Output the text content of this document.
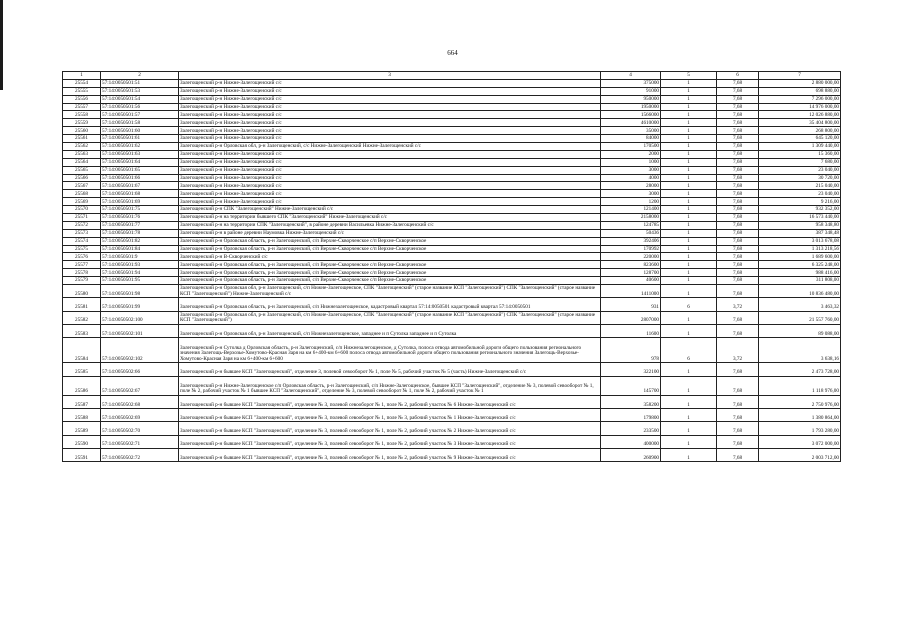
664
1	2	3	4	5	6	7
25554	57:14:0050501:51	Залегощенский р-н Нижне-Залегощенский с/с	375000	1	7,68	2 880 000,00
25555	57:14:0050501:53	Залегощенский р-н Нижне-Залегощенский с/с	91000	1	7,68	698 880,00
25556	57:14:0050501:54	Залегощенский р-н Нижне-Залегощенский с/с	950000	1	7,68	7 296 000,00
25557	57:14:0050501:56	Залегощенский р-н Нижне-Залегощенский с/с	1950000	1	7,68	14 976 000,00
25558	57:14:0050501:57	Залегощенский р-н Нижне-Залегощенский с/с	1566000	1	7,68	12 026 880,00
25559	57:14:0050501:58	Залегощенский р-н Нижне-Залегощенский с/с	4610000	1	7,68	35 404 800,00
25560	57:14:0050501:60	Залегощенский р-н Нижне-Залегощенский с/с	35000	1	7,68	268 800,00
25561	57:14:0050501:61	Залегощенский р-н Нижне-Залегощенский с/с	84000	1	7,68	645 120,00
25562	57:14:0050501:62	Залегощенский р-н Орловская обл, р-н Залегощенский, с/с Нижне-Залегощенский Нижне-Залегощенский с/с	170500	1	7,68	1 309 440,00
25563	57:14:0050501:63	Залегощенский р-н Нижне-Залегощенский с/с	2000	1	7,68	15 360,00
25564	57:14:0050501:64	Залегощенский р-н Нижне-Залегощенский с/с	1000	1	7,68	7 680,00
25565	57:14:0050501:65	Залегощенский р-н Нижне-Залегощенский с/с	3000	1	7,68	23 040,00
25566	57:14:0050501:66	Залегощенский р-н Нижне-Залегощенский с/с	4000	1	7,68	30 720,00
25567	57:14:0050501:67	Залегощенский р-н Нижне-Залегощенский с/с	28000	1	7,68	215 040,00
25568	57:14:0050501:68	Залегощенский р-н Нижне-Залегощенский с/с	3000	1	7,68	23 040,00
25569	57:14:0050501:69	Залегощенский р-н Нижне-Залегощенский с/с	1200	1	7,68	9 216,00
25570	57:14:0050501:75	Залегощенский р-н СПК "Залегощенский" Нижне-Залегощенский с/с	121400	1	7,68	932 352,00
25571	57:14:0050501:76	Залегощенский р-н на территории бывшего СПК "Залегощенский" Нижне-Залегощенский с/с	2158000	1	7,68	16 573 440,00
25572	57:14:0050501:77	Залегощенский р-н на территории СПК "Залегощенский", в районе деревни Васильевка Нижне-Залегощенский с/с	124785	1	7,68	958 348,80
25573	57:14:0050501:78	Залегощенский р-н в районе деревни Наумовка Нижне-Залегощенский с/с	50436	1	7,68	387 348,48
25574	57:14:0050501:82	Залегощенский р-н Орловская область, р-н Залегощенский, с/п Верхне-Скворченское с/п Верхне-Скворченское	392406	1	7,68	3 013 678,08
25575	57:14:0050501:84	Залегощенский р-н Орловская область, р-н Залегощенский, с/п Верхне-Скворченское с/п Верхне-Скворченское	170992	1	7,68	1 313 218,56
25576	57:14:0050501:9	Залегощенский р-н В-Скворченский с/с	220000	1	7,68	1 689 600,00
25577	57:14:0050501:93	Залегощенский р-н Орловская область, р-н Залегощенский, с/п Верхне-Скворченское с/п Верхне-Скворченское	823600	1	7,68	6 325 248,00
25578	57:14:0050501:94	Залегощенский р-н Орловская область, р-н Залегощенский, с/п Верхне-Скворченское с/п Верхне-Скворченское	128700	1	7,68	988 416,00
25579	57:14:0050501:95	Залегощенский р-н Орловская область, р-н Залегощенский, с/п Верхне-Скворченское с/п Верхне-Скворченское	40600	1	7,68	311 808,00
25580	57:14:0050501:98	Залегощенский р-н Орловская обл, р-н Залегощенский, с/п Нижне-Залегощенское, СПК "Залегощенский" (старое название КСП "Залегощенский") СПК "Залегощенский" (старое название КСП "Залегощенский") Нижне-Залегощенский с/с	1411000	1	7,68	10 836 480,00
25581	57:14:0050501:99	Залегощенский р-н Орловская область, р-н Залегощенский, с/п Нижнезалегощенское, кадастровый квартал 57:14:0050501 кадастровый квартал 57:14:0050501	931	6	3,72	3 463,32
25582	57:14:0050502:100	Залегощенский р-н Орловская обл, р-н Залегощенский, с/п Нижне-Залегощенское, СПК "Залегощенский" (старое название КСП "Залегощенский") СПК "Залегощенский" (старое название КСП "Залегощенский")	2807000	1	7,68	21 557 760,00
25583	57:14:0050502:101	Залегощенский р-н Орловская обл, р-н Залегощенский, с/п Нижнезалегощенское, западнее и п Сутолка западнее и п Сутолка	11600	1	7,68	89 088,00
25584	57:14:0050502:102	Залегощенский р-н Сутолка д Орловская область, р-н Залегощенский, с/п Нижнезалегощенское, д Сутолка, полоса отвода автомобильной дороги общего пользования регионального значения Залегощь-Верхозье-Хомутово-Красная Заря на км 6+400-км 6+600 полоса отвода автомобильной дороги общего пользования регионального значения Залегощь-Верхозье-Хомутово-Красная Заря на км 6+400-км 6+600	978	6	3,72	3 638,16
25585	57:14:0050502:66	Залегощенский р-н бывшее КСП "Залегощенский", отделение 3, полевой севооборот № 1, поле № 5, рабочий участок № 5 (часть) Нижне-Залегощенский с/с	322100	1	7,68	2 473 728,00
25586	57:14:0050502:67	Залегощенский р-н Нижне-Залегощенское с/п Орловская область, р-н Залегощенский, с/п Нижне-Залегощенское, бывшее КСП "Залегощенский", отделение № 3, полевой севооборот № 1, поле № 2, рабочий участок № 1 бывшее КСП "Залегощенский", отделение № 3, полевой севооборот № 1, поле № 2, рабочий участок № 1	145700	1	7,68	1 118 976,00
25587	57:14:0050502:68	Залегощенский р-н бывшее КСП "Залегощенский", отделение № 3, полевой севооборот № 1, поле № 2, рабочий участок № 6 Нижне-Залегощенский с/с	358200	1	7,68	2 750 976,00
25588	57:14:0050502:69	Залегощенский р-н бывшее КСП "Залегощенский", отделение № 3, полевой севооборот № 1, поле № 3, рабочий участок № 1 Нижне-Залегощенский с/с	179800	1	7,68	1 380 864,00
25589	57:14:0050502:70	Залегощенский р-н бывшее КСП "Залегощенский", отделение № 3, полевой севооборот № 1, поле № 2, рабочий участок № 2 Нижне-Залегощенский с/с	233500	1	7,68	1 793 280,00
25590	57:14:0050502:71	Залегощенский р-н бывшее КСП "Залегощенский", отделение № 3, полевой севооборот № 1, поле № 2, рабочий участок № 3 Нижне-Залегощенский с/с	400000	1	7,68	3 072 000,00
25591	57:14:0050502:72	Залегощенский р-н бывшее КСП "Залегощенский", отделение № 3, полевой севооборот № 1, поле № 2, рабочий участок № 9 Нижне-Залегощенский с/с	260900	1	7,68	2 003 712,00
